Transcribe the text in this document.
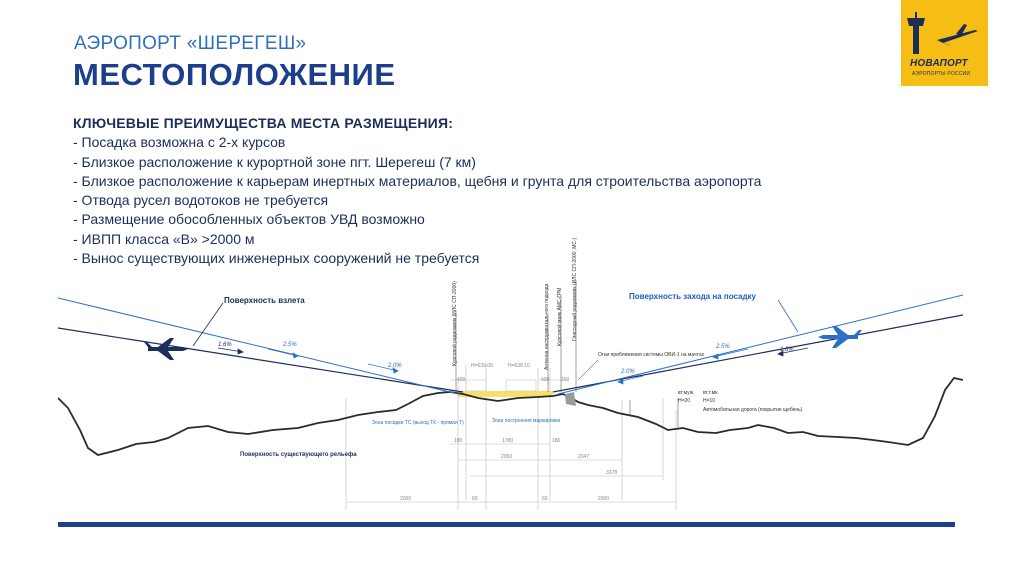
АЭРОПОРТ «ШЕРЕГЕШ»
МЕСТОПОЛОЖЕНИЕ	НОВАПОРТ
АЭРОПОРТЫ РОССИИ
КЛЮЧЕВЫЕ ПРЕИМУЩЕСТВА МЕСТА РАЗМЕЩЕНИЯ:
- Посадка возможна с 2-х курсов
- Близкое расположение к курортной зоне пгт. Шерегеш (7 км)
- Близкое расположение к карьерам инертных материалов, щебня и грунта для строительства аэропорта
- Отвода русел водотоков не требуется
- Размещение обособленных объектов УВД возможно
- ИВПП класса «В» >2000 м
- Вынос существующих инженерных сооружений не требуется
Поверхность взлета	Поверхность захода на посадку
Поверхность существующего рельефа
1.6%	2.5%
2.0%
2.5%	1.6%
2.0%
Курсовой радиомаяк (ИЛС СП-2000)	Антенна инструментального подхода Курсовой маяк АМС-ГРМ Глиссадный радиомаяк (ИЛС СП-2000, МС-)
Н=639.00	Н=638.10
400	400 150
Огни приближения системы ОВИ-1 на мачтах
вт.муж.
Н=20
вт.т.мк.
Н=10
Автомобильная дорога (покрытие щебень)
Зона посадки ТС (выход ТК - прямая Т)	Зона построения маркировки
180	1780	180
2050	2047
3378
2000	60	60	2000
